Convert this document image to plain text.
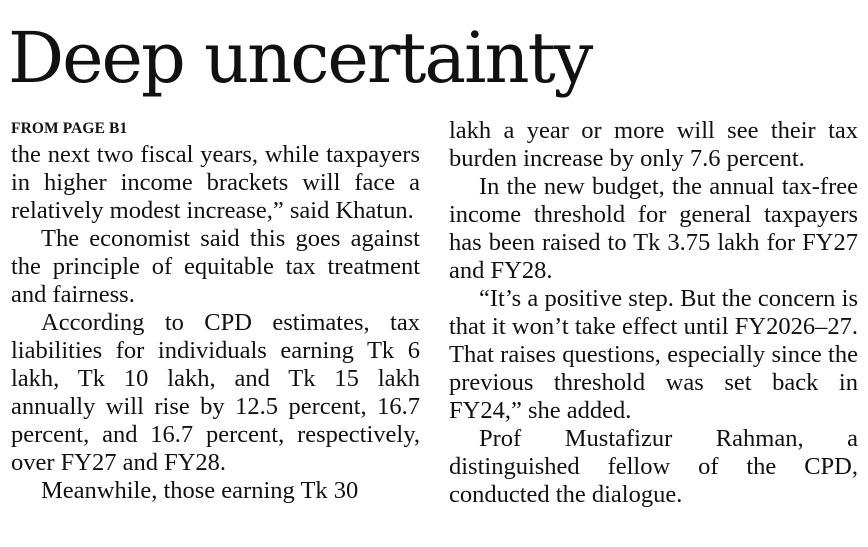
Deep uncertainty
FROM PAGE B1

the next two fiscal years, while taxpayers in higher income brackets will face a relatively modest increase,” said Khatun.

The economist said this goes against the principle of equitable tax treatment and fairness.

According to CPD estimates, tax liabilities for individuals earning Tk 6 lakh, Tk 10 lakh, and Tk 15 lakh annually will rise by 12.5 percent, 16.7 percent, and 16.7 percent, respectively, over FY27 and FY28.

Meanwhile, those earning Tk 30

lakh a year or more will see their tax burden increase by only 7.6 percent.

In the new budget, the annual tax-free income threshold for general taxpayers has been raised to Tk 3.75 lakh for FY27 and FY28.

“It’s a positive step. But the concern is that it won’t take effect until FY2026–27. That raises questions, especially since the previous threshold was set back in FY24,” she added.

Prof Mustafizur Rahman, a distinguished fellow of the CPD, conducted the dialogue.
